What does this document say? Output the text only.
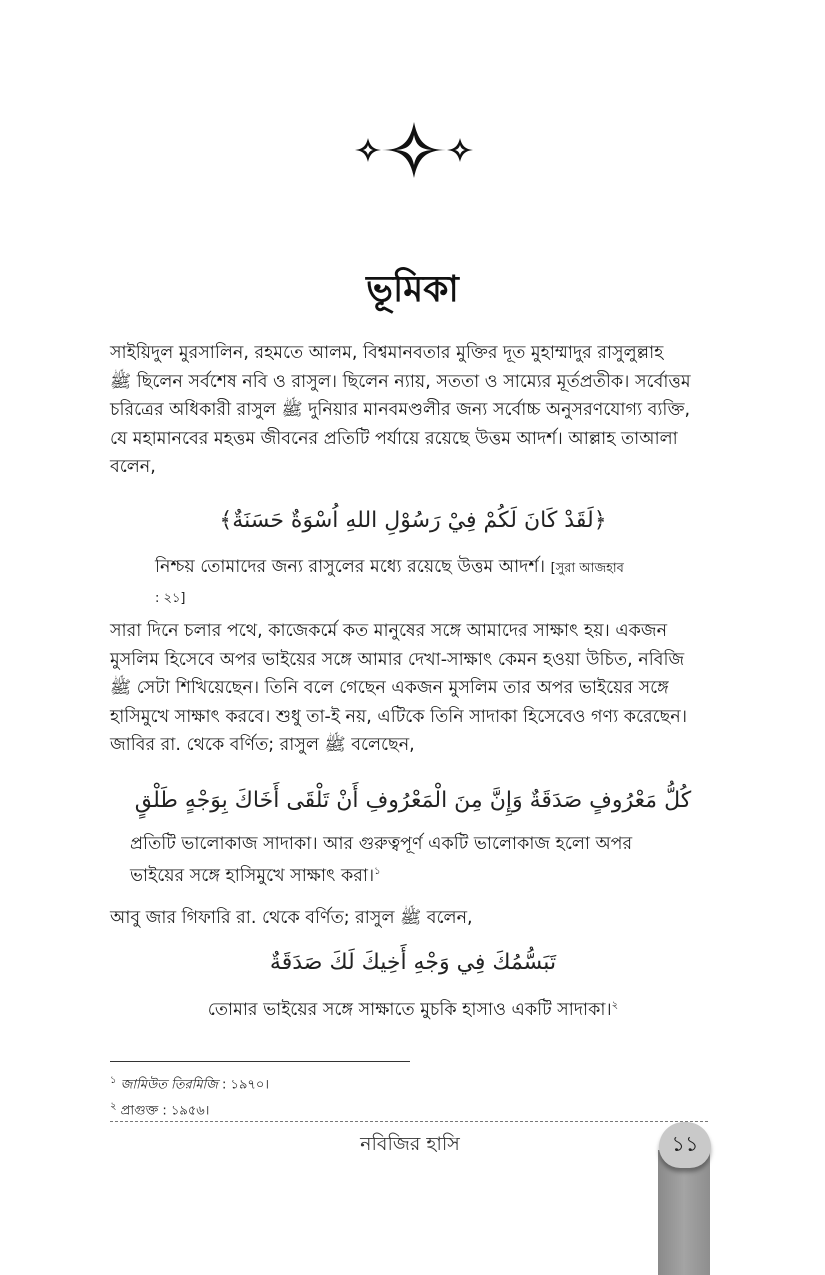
ভূমিকা
সাইয়িদুল মুরসালিন, রহমতে আলম, বিশ্বমানবতার মুক্তির দূত মুহাম্মাদুর রাসুলুল্লাহ
ﷺ ছিলেন সর্বশেষ নবি ও রাসুল। ছিলেন ন্যায়, সততা ও সাম্যের মূর্তপ্রতীক। সর্বোত্তম
চরিত্রের অধিকারী রাসুল ﷺ দুনিয়ার মানবমণ্ডলীর জন্য সর্বোচ্চ অনুসরণযোগ্য ব্যক্তি,
যে মহামানবের মহত্তম জীবনের প্রতিটি পর্যায়ে রয়েছে উত্তম আদর্শ। আল্লাহ তাআলা
বলেন,
﴿لَقَدْ كَانَ لَكُمْ فِيْ رَسُوْلِ اللهِ اُسْوَةٌ حَسَنَةٌ﴾
নিশ্চয় তোমাদের জন্য রাসুলের মধ্যে রয়েছে উত্তম আদর্শ। [সুরা আজহাব
: ২১]
সারা দিনে চলার পথে, কাজেকর্মে কত মানুষের সঙ্গে আমাদের সাক্ষাৎ হয়। একজন
মুসলিম হিসেবে অপর ভাইয়ের সঙ্গে আমার দেখা-সাক্ষাৎ কেমন হওয়া উচিত, নবিজি
ﷺ সেটা শিখিয়েছেন। তিনি বলে গেছেন একজন মুসলিম তার অপর ভাইয়ের সঙ্গে
হাসিমুখে সাক্ষাৎ করবে। শুধু তা-ই নয়, এটিকে তিনি সাদাকা হিসেবেও গণ্য করেছেন।
জাবির রা. থেকে বর্ণিত; রাসুল ﷺ বলেছেন,
كُلُّ مَعْرُوفٍ صَدَقَةٌ وَإِنَّ مِنَ الْمَعْرُوفِ أَنْ تَلْقَى أَخَاكَ بِوَجْهٍ طَلْقٍ
প্রতিটি ভালোকাজ সাদাকা। আর গুরুত্বপূর্ণ একটি ভালোকাজ হলো অপর
ভাইয়ের সঙ্গে হাসিমুখে সাক্ষাৎ করা।$^১$
আবু জার গিফারি রা. থেকে বর্ণিত; রাসুল ﷺ বলেন,
تَبَسُّمُكَ فِي وَجْهِ أَخِيكَ لَكَ صَدَقَةٌ
তোমার ভাইয়ের সঙ্গে সাক্ষাতে মুচকি হাসাও একটি সাদাকা।$^২$
$^১$ জামিউত তিরমিজি : ১৯৭০।
$^২$ প্রাগুক্ত : ১৯৫৬।
নবিজির হাসি	১১
